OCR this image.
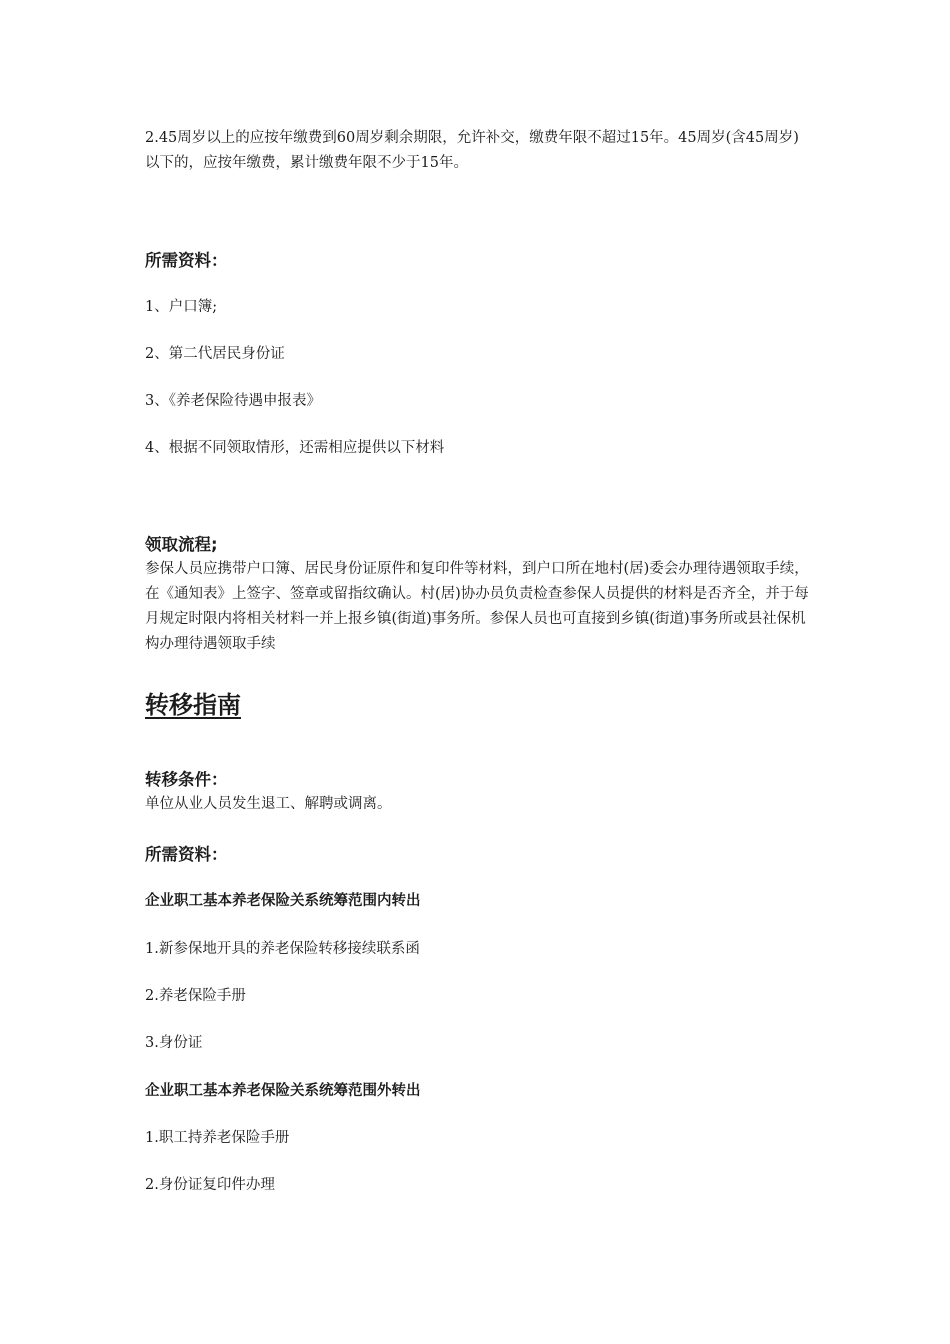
2.45周岁以上的应按年缴费到60周岁剩余期限，允许补交，缴费年限不超过15年。45周岁(含45周岁)以下的，应按年缴费，累计缴费年限不少于15年。
所需资料：
1、户口簿;
2、第二代居民身份证
3、《养老保险待遇申报表》
4、根据不同领取情形，还需相应提供以下材料
领取流程;
参保人员应携带户口簿、居民身份证原件和复印件等材料，到户口所在地村(居)委会办理待遇领取手续，在《通知表》上签字、签章或留指纹确认。村(居)协办员负责检查参保人员提供的材料是否齐全，并于每月规定时限内将相关材料一并上报乡镇(街道)事务所。参保人员也可直接到乡镇(街道)事务所或县社保机构办理待遇领取手续
转移指南
转移条件：
单位从业人员发生退工、解聘或调离。
所需资料：
企业职工基本养老保险关系统筹范围内转出
1.新参保地开具的养老保险转移接续联系函
2.养老保险手册
3.身份证
企业职工基本养老保险关系统筹范围外转出
1.职工持养老保险手册
2.身份证复印件办理
